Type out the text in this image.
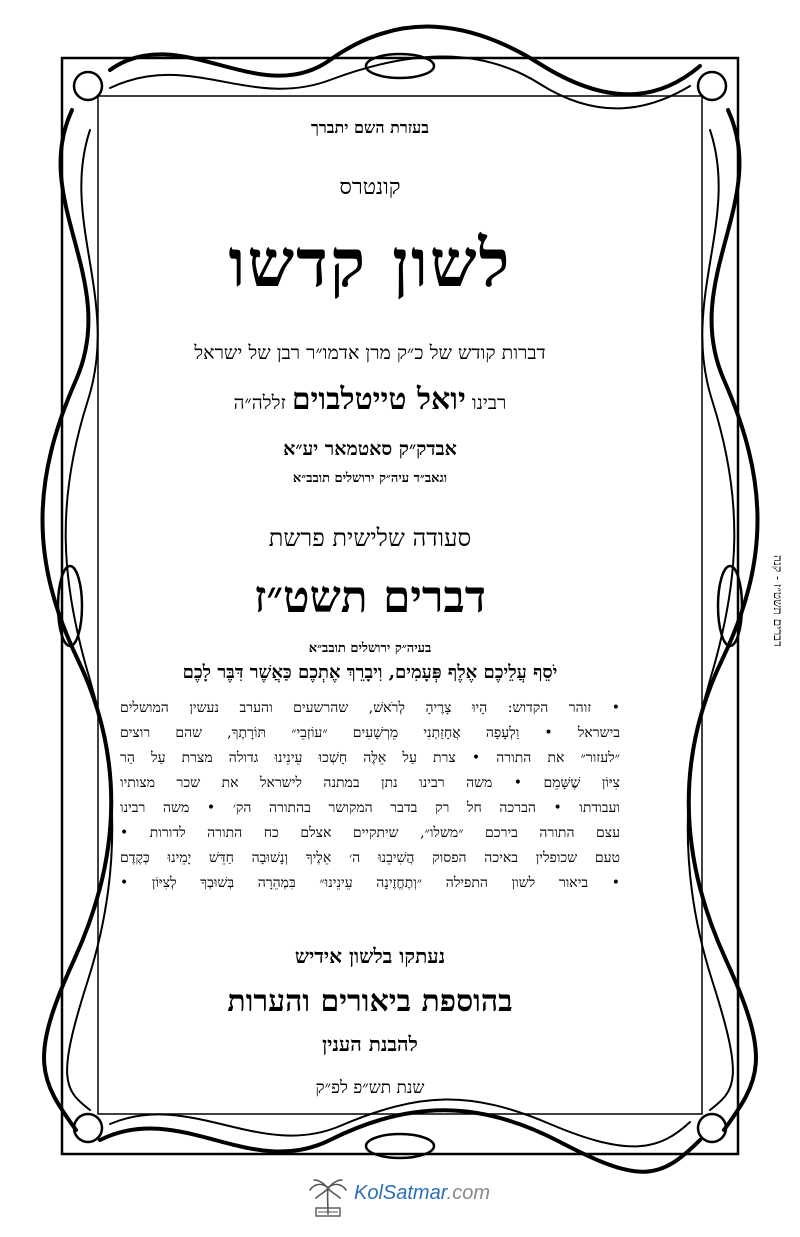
בעזרת השם יתברך
קונטרס
לשון קדשו
דברות קודש של כ״ק מרן אדמו״ר רבן של ישראל
רבינו יואל טייטלבוים זללה״ה
אבדק״ק סאטמאר יע״א
וגאב״ד עיה״ק ירושלים תובב״א
סעודה שלישית פרשת
דברים תשט״ז
בעיה״ק ירושלים תובב״א
יֹסֵף עֲלֵיכֶם אֶלֶף פְּעָמִים, וִיבָרֵךְ אֶתְכֶם כַּאֲשֶׁר דִּבֶּר לָכֶם
• זוהר הקדוש: הָיוּ צָרֶיהָ לְרֹאשׁ, שהרשעים והערב נעשין המושלים
בישראל • וַלְעָפָה אֲחָזַתְנִי מֵרְשָׁעִים ״עוֹזְבֵי״ תּוֹרָתֶךָ, שהם רוצים
״לעזור״ את התורה • צרת עַל אֵלֶּה חָשְׁכוּ עֵינֵינוּ גדולה מצרת עַל הַר
צִיּוֹן שֶׁשָּׁמֵם • משה רבינו נתן במתנה לישראל את שכר מצותיו
ועבודתו • הברכה חל רק בדבר המקושר בהתורה הק׳ • משה רבינו
עצם התורה בירכם ״משלו״, שיתקיים אצלם כח התורה לדורות •
טעם שכופלין באיכה הפסוק הֲשִׁיבֵנוּ ה׳ אֵלֶיךָ וְנָשׁוּבָה חַדֵּשׁ יָמֵינוּ כְּקֶדֶם
• ביאור לשון התפילה ״וְתֶחֱזֶינָה עֵינֵינוּ״ בִּמְהֵרָה בְּשׁוּבְךָ לְצִיּוֹן •
נעתקו בלשון אידיש
בהוספת ביאורים והערות
להבנת הענין
שנת תש״פ לפ״ק
דברים תשט״ז - קנה
KolSatmar.com
